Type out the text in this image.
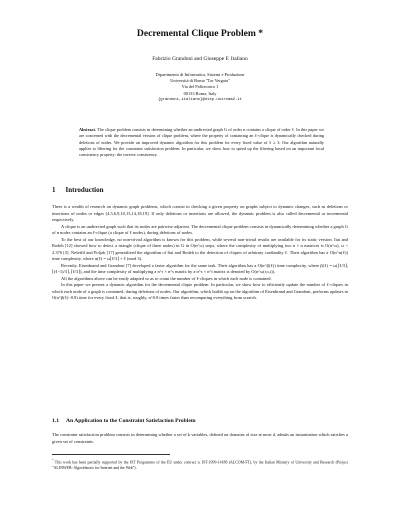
Decremental Clique Problem *
Fabrizio Grandoni and Giuseppe F. Italiano
Dipartimento di Informatica, Sistemi e Produzione
Università di Roma "Tor Vergata"
Via del Politecnico 1
00133 Roma, Italy
{grandoni,italiano}@disp.uniroma2.it
Abstract. The clique problem consists in determining whether an undirected graph G of order n contains a clique of order ℓ. In this paper we are concerned with the decremental version of clique problem, where the property of containing an ℓ-clique is dynamically checked during deletions of nodes. We provide an improved dynamic algorithm for this problem for every fixed value of ℓ ≥ 3. Our algorithm naturally applies to filtering for the constraint satisfaction problem. In particular, we show how to speed up the filtering based on an important local consistency property: the inverse consistency.
1 Introduction

There is a wealth of research on dynamic graph problems, which consist in checking a given property on graphs subject to dynamic changes, such as deletions or insertions of nodes or edges [4,5,6,9,10,13,14,18,19]. If only deletions or insertions are allowed, the dynamic problem is also called decremental or incremental respectively.

A clique is an undirected graph such that its nodes are pairwise adjacent. The decremental clique problem consists in dynamically determining whether a graph G of n nodes contains an ℓ-clique (a clique of ℓ nodes), during deletions of nodes.

To the best of our knowledge, no non-trivial algorithm is known for this problem, while several non-trivial results are available for its static version. Itai and Rodeh [12] showed how to detect a triangle (clique of three nodes) in G in O(n^ω) steps, where the complexity of multiplying two n × n matrices is O(n^ω), ω < 2.376 [3]. Nešetřil and Poljak [17] generalized the algorithm of Itai and Rodeh to the detection of cliques of arbitrary cardinality ℓ. Their algorithm has a O(n^α(ℓ)) time complexity, where α(ℓ) = ω⌊ℓ/3⌋ + ℓ (mod 3).

Recently, Eisenbrand and Grandoni [7] developed a faster algorithm for the same task. Their algorithm has a O(n^β(ℓ)) time complexity, where β(ℓ) = ω(⌊ℓ/3⌋, ⌈(ℓ−1)/3⌉, ⌈ℓ/3⌉), and the time complexity of multiplying a n^r × n^s matrix by a n^s × n^t matrix is denoted by O(n^ω(r,s,t)).

All the algorithms above can be easily adapted so as to count the number of ℓ-cliques in which each node is contained.

In this paper we present a dynamic algorithm for the decremental clique problem. In particular, we show how to efficiently update the number of ℓ-cliques in which each node of a graph is contained, during deletions of nodes. Our algorithm, which builds up on the algorithm of Eisenbrand and Grandoni, performs updates in O(n^β(ℓ)−0.8) time for every fixed ℓ, that is, roughly, n^0.8 times faster than recomputing everything from scratch.

1.1 An Application to the Constraint Satisfaction Problem
The constraint satisfaction problem consists in determining whether a set of k variables, defined on domains of size at most d, admits an instantiation which satisfies a given set of constraints.
* This work has been partially supported by the IST Programme of the EU under contract n. IST-1999-14186 (ALCOM-FT), by the Italian Ministry of University and Research (Project "ALINWEB: Algorithmics for Internet and the Web").
